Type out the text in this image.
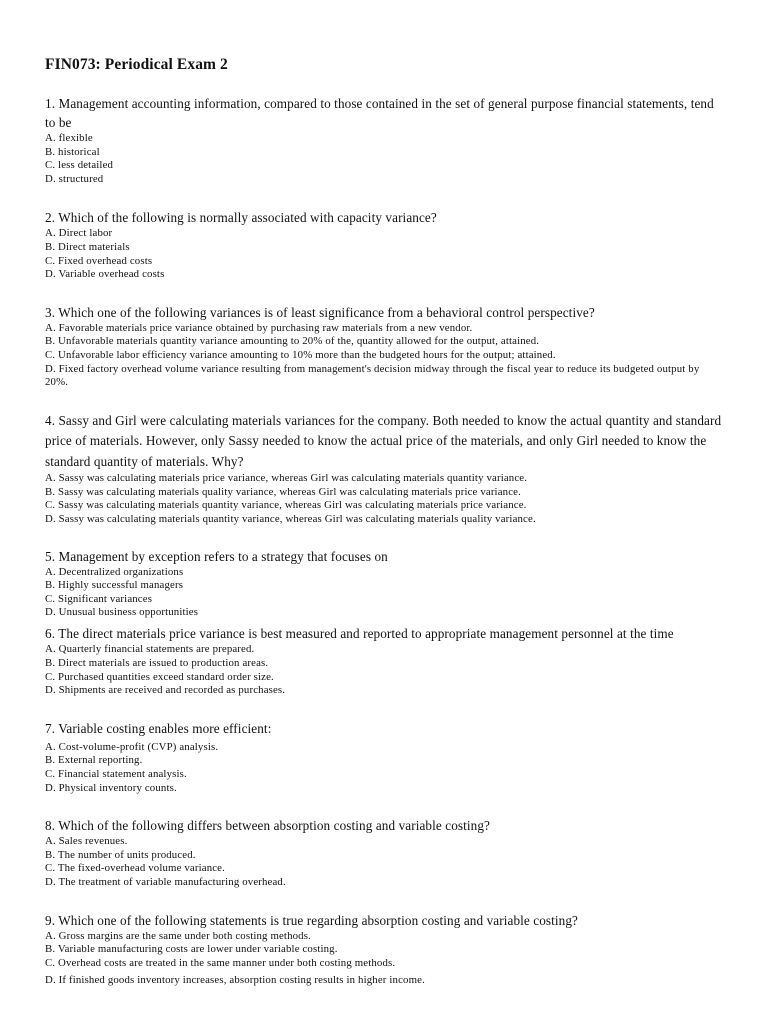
FIN073: Periodical Exam 2

1. Management accounting information, compared to those contained in the set of general purpose financial statements, tend to be

A. flexible
B. historical
C. less detailed
D. structured

2. Which of the following is normally associated with capacity variance?

A. Direct labor
B. Direct materials
C. Fixed overhead costs
D. Variable overhead costs

3. Which one of the following variances is of least significance from a behavioral control perspective?

A. Favorable materials price variance obtained by purchasing raw materials from a new vendor.
B. Unfavorable materials quantity variance amounting to 20% of the, quantity allowed for the output, attained.
C. Unfavorable labor efficiency variance amounting to 10% more than the budgeted hours for the output; attained.
D. Fixed factory overhead volume variance resulting from management's decision midway through the fiscal year to reduce its budgeted output by 20%.

4. Sassy and Girl were calculating materials variances for the company. Both needed to know the actual quantity and standard price of materials. However, only Sassy needed to know the actual price of the materials, and only Girl needed to know the standard quantity of materials. Why?

A. Sassy was calculating materials price variance, whereas Girl was calculating materials quantity variance.
B. Sassy was calculating materials quality variance, whereas Girl was calculating materials price variance.
C. Sassy was calculating materials quantity variance, whereas Girl was calculating materials price variance.
D. Sassy was calculating materials quantity variance, whereas Girl was calculating materials quality variance.

5. Management by exception refers to a strategy that focuses on

A. Decentralized organizations
B. Highly successful managers
C. Significant variances
D. Unusual business opportunities

6. The direct materials price variance is best measured and reported to appropriate management personnel at the time

A. Quarterly financial statements are prepared.
B. Direct materials are issued to production areas.
C. Purchased quantities exceed standard order size.
D. Shipments are received and recorded as purchases.

7. Variable costing enables more efficient:

A. Cost-volume-profit (CVP) analysis.
B. External reporting.
C. Financial statement analysis.
D. Physical inventory counts.

8. Which of the following differs between absorption costing and variable costing?

A. Sales revenues.
B. The number of units produced.
C. The fixed-overhead volume variance.
D. The treatment of variable manufacturing overhead.

9. Which one of the following statements is true regarding absorption costing and variable costing?

A. Gross margins are the same under both costing methods.
B. Variable manufacturing costs are lower under variable costing.
C. Overhead costs are treated in the same manner under both costing methods.
D. If finished goods inventory increases, absorption costing results in higher income.
